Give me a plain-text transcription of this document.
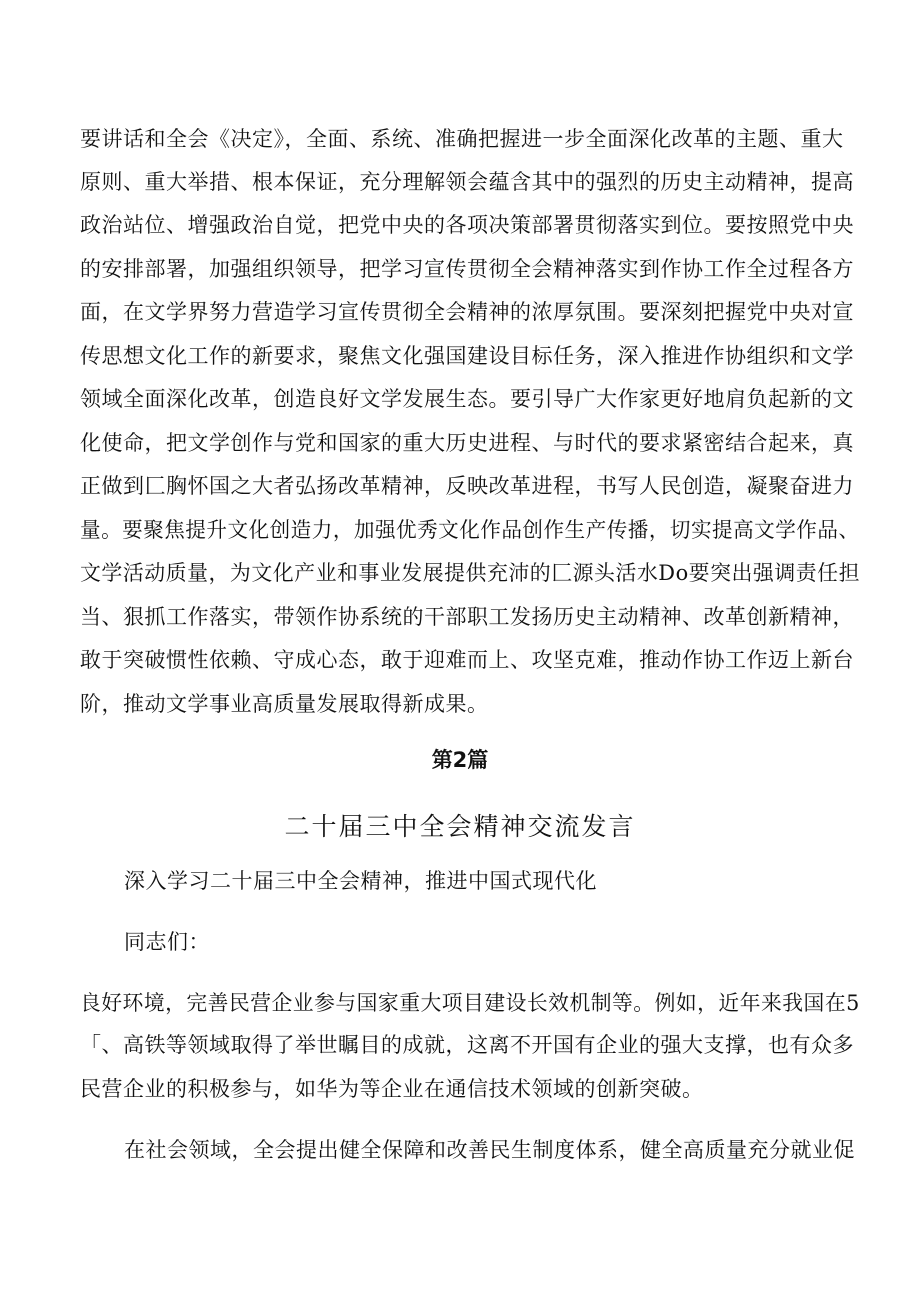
要讲话和全会《决定》，全面、系统、准确把握进一步全面深化改革的主题、重大
原则、重大举措、根本保证，充分理解领会蕴含其中的强烈的历史主动精神，提高
政治站位、增强政治自觉，把党中央的各项决策部署贯彻落实到位。要按照党中央
的安排部署，加强组织领导，把学习宣传贯彻全会精神落实到作协工作全过程各方
面，在文学界努力营造学习宣传贯彻全会精神的浓厚氛围。要深刻把握党中央对宣
传思想文化工作的新要求，聚焦文化强国建设目标任务，深入推进作协组织和文学
领域全面深化改革，创造良好文学发展生态。要引导广大作家更好地肩负起新的文
化使命，把文学创作与党和国家的重大历史进程、与时代的要求紧密结合起来，真
正做到匚胸怀国之大者弘扬改革精神，反映改革进程，书写人民创造，凝聚奋进力
量。要聚焦提升文化创造力，加强优秀文化作品创作生产传播，切实提高文学作品、
文学活动质量，为文化产业和事业发展提供充沛的匚源头活水Do要突出强调责任担
当、狠抓工作落实，带领作协系统的干部职工发扬历史主动精神、改革创新精神，
敢于突破惯性依赖、守成心态，敢于迎难而上、攻坚克难，推动作协工作迈上新台
阶，推动文学事业高质量发展取得新成果。
第2篇
二十届三中全会精神交流发言
深入学习二十届三中全会精神，推进中国式现代化
同志们：
良好环境，完善民营企业参与国家重大项目建设长效机制等。例如，近年来我国在5
「、高铁等领域取得了举世瞩目的成就，这离不开国有企业的强大支撑，也有众多
民营企业的积极参与，如华为等企业在通信技术领域的创新突破。
在社会领域，全会提出健全保障和改善民生制度体系，健全高质量充分就业促
